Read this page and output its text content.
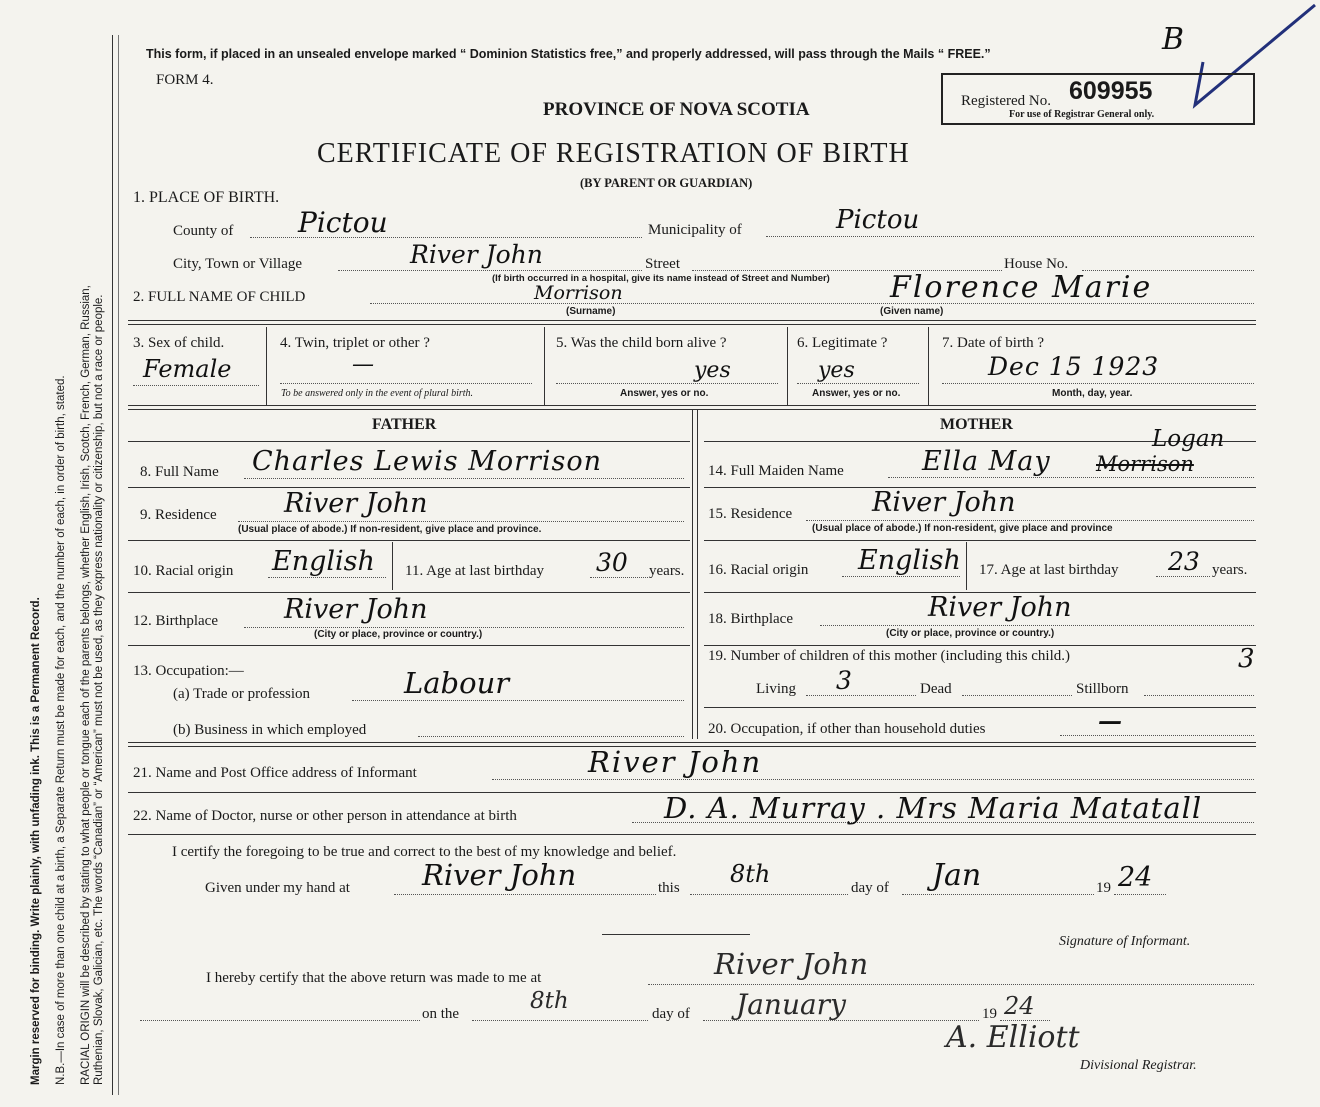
Margin reserved for binding. Write plainly, with unfading ink. This is a Permanent Record. N.B.—In case of more than one child at a birth, a Separate Return must be made for each, and the number of each, in order of birth, stated. RACIAL ORIGIN will be described by stating to what people or tongue each of the parents belongs, whether English, Irish, Scotch, French, German, Russian, Ruthenian, Slovak, Galician, etc. The words “Canadian” or “American” must not be used, as they express nationality or citizenship, but not a race or people.
This form, if placed in an unsealed envelope marked “ Dominion Statistics free,” and properly addressed, will pass through the Mails “ FREE.”
FORM 4.
PROVINCE OF NOVA SCOTIA
CERTIFICATE OF REGISTRATION OF BIRTH
(BY PARENT OR GUARDIAN)
B
Registered No. 609955
For use of Registrar General only.
1. PLACE OF BIRTH.
County of Pictou	Municipality of	Pictou
City, Town or Village	River John	Street	House No.
(If birth occurred in a hospital, give its name instead of Street and Number)
2. FULL NAME OF CHILD	Morrison	Florence Marie
(Surname)	(Given name)
3. Sex of child.
Female
4. Twin, triplet or other ?
—
To be answered only in the event of plural birth.
5. Was the child born alive ?
yes
Answer, yes or no.
6. Legitimate ?
yes
Answer, yes or no.
7. Date of birth ?
Dec 15 1923
Month, day, year.
FATHER	MOTHER
8. Full Name Charles Lewis Morrison
9. Residence River John
(Usual place of abode.) If non-resident, give place and province.
10. Racial origin English 11. Age at last birthday 30 years.
12. Birthplace River John
(City or place, province or country.)
13. Occupation:—
(a) Trade or profession	Labour
(b) Business in which employed
14. Full Maiden Name	Ella May Morrison
Logan
15. Residence	River John
(Usual place of abode.) If non-resident, give place and province
16. Racial origin English 17. Age at last birthday 23 years.
18. Birthplace	River John
(City or place, province or country.)
19. Number of children of this mother (including this child.)	3
Living 3	Dead	Stillborn
20. Occupation, if other than household duties	—
21. Name and Post Office address of Informant	River John
22. Name of Doctor, nurse or other person in attendance at birth	D. A. Murray . Mrs Maria Matatall
I certify the foregoing to be true and correct to the best of my knowledge and belief.
Given under my hand at River John	this 8th	day of Jan	19 24
Signature of Informant.
I hereby certify that the above return was made to me at	River John
on the	8th	day of January	19 24
A. Elliott
Divisional Registrar.
